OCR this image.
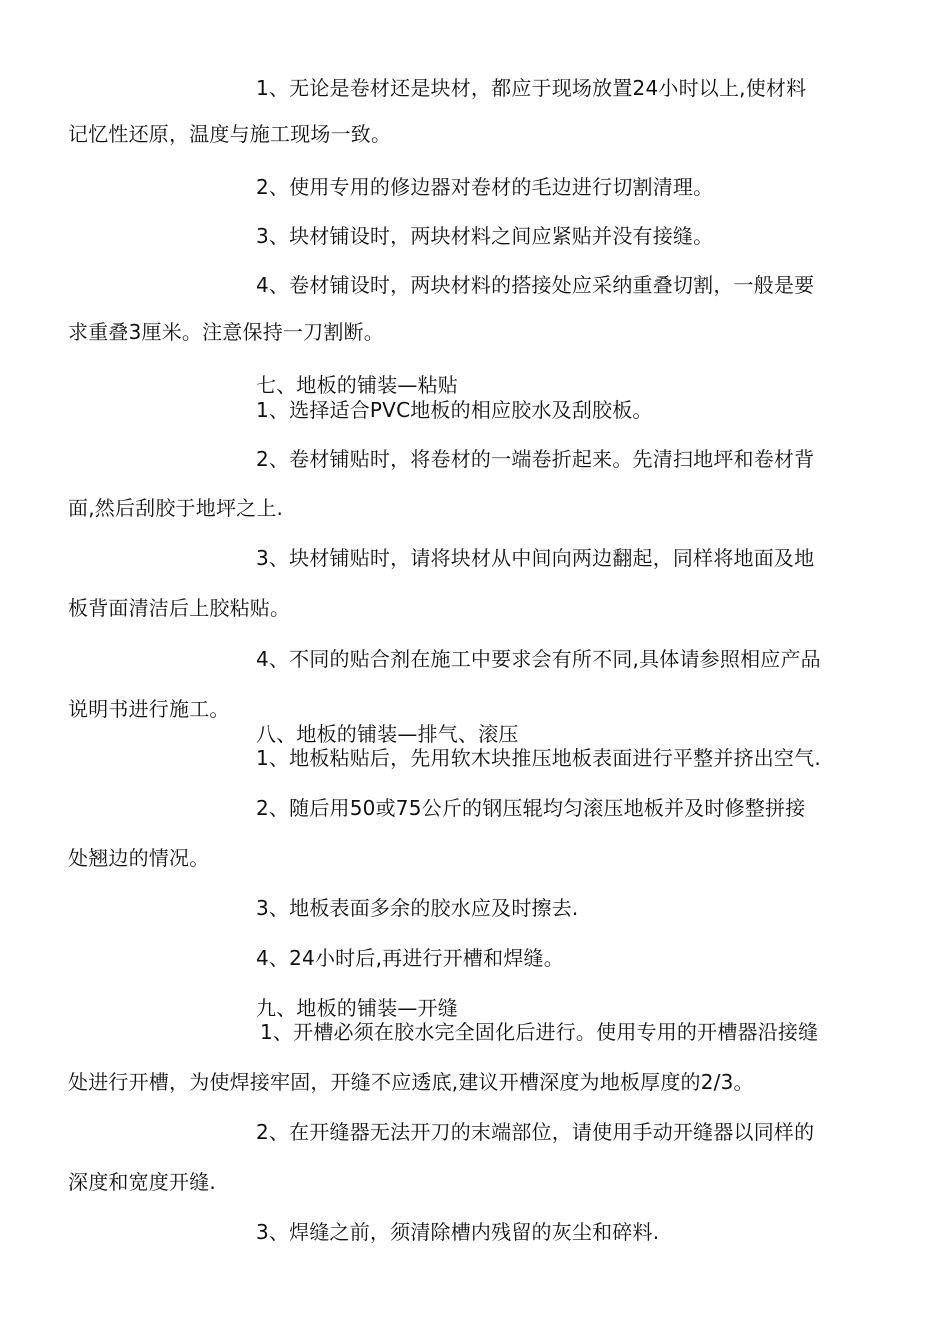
1、无论是卷材还是块材，都应于现场放置24小时以上,使材料
记忆性还原，温度与施工现场一致。
2、使用专用的修边器对卷材的毛边进行切割清理。
3、块材铺设时，两块材料之间应紧贴并没有接缝。
4、卷材铺设时，两块材料的搭接处应采纳重叠切割，一般是要
求重叠3厘米。注意保持一刀割断。
七、地板的铺装—粘贴
1、选择适合PVC地板的相应胶水及刮胶板。
2、卷材铺贴时，将卷材的一端卷折起来。先清扫地坪和卷材背
面,然后刮胶于地坪之上.
3、块材铺贴时，请将块材从中间向两边翻起，同样将地面及地
板背面清洁后上胶粘贴。
4、不同的贴合剂在施工中要求会有所不同,具体请参照相应产品
说明书进行施工。
八、地板的铺装—排气、滚压
1、地板粘贴后，先用软木块推压地板表面进行平整并挤出空气.
2、随后用50或75公斤的钢压辊均匀滚压地板并及时修整拼接
处翘边的情况。
3、地板表面多余的胶水应及时擦去.
4、24小时后,再进行开槽和焊缝。
九、地板的铺装—开缝
1、开槽必须在胶水完全固化后进行。使用专用的开槽器沿接缝
处进行开槽，为使焊接牢固，开缝不应透底,建议开槽深度为地板厚度的2/3。
2、在开缝器无法开刀的末端部位，请使用手动开缝器以同样的
深度和宽度开缝.
3、焊缝之前，须清除槽内残留的灰尘和碎料.
